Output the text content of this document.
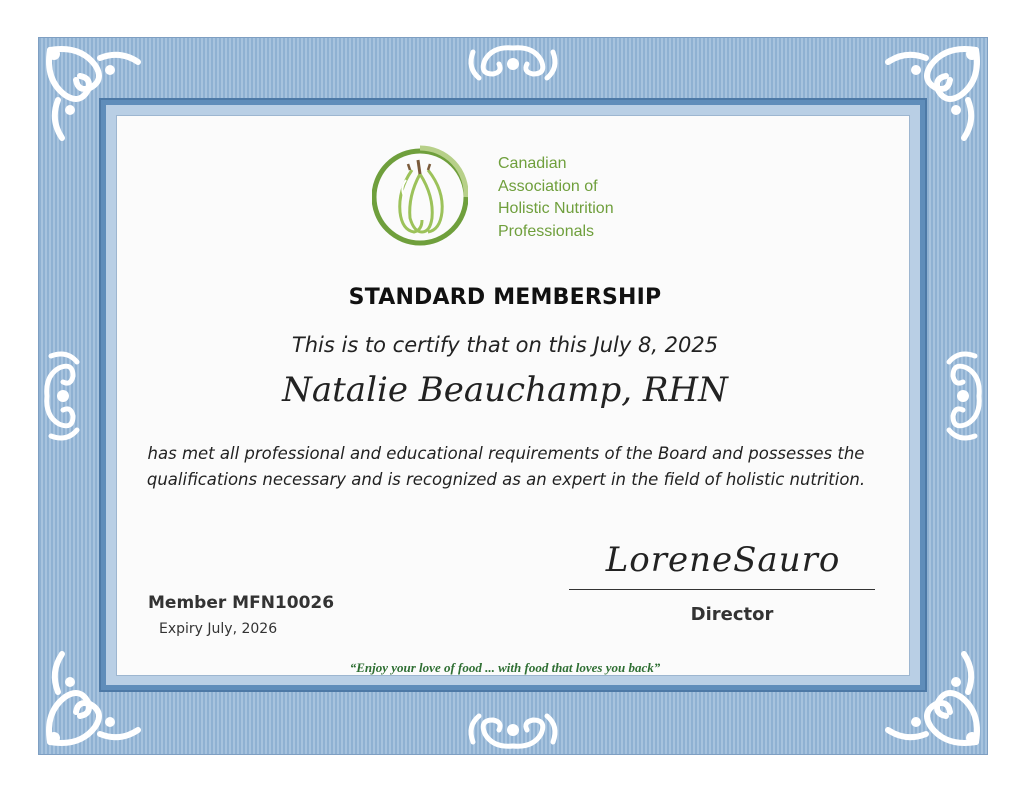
Canadian
Association of
Holistic Nutrition
Professionals
STANDARD MEMBERSHIP
This is to certify that on this July 8, 2025
Natalie Beauchamp, RHN
has met all professional and educational requirements of the Board and possesses the
qualifications necessary and is recognized as an expert in the field of holistic nutrition.
LoreneSauro
Director
Member MFN10026
Expiry July, 2026
“Enjoy your love of food ... with food that loves you back”
